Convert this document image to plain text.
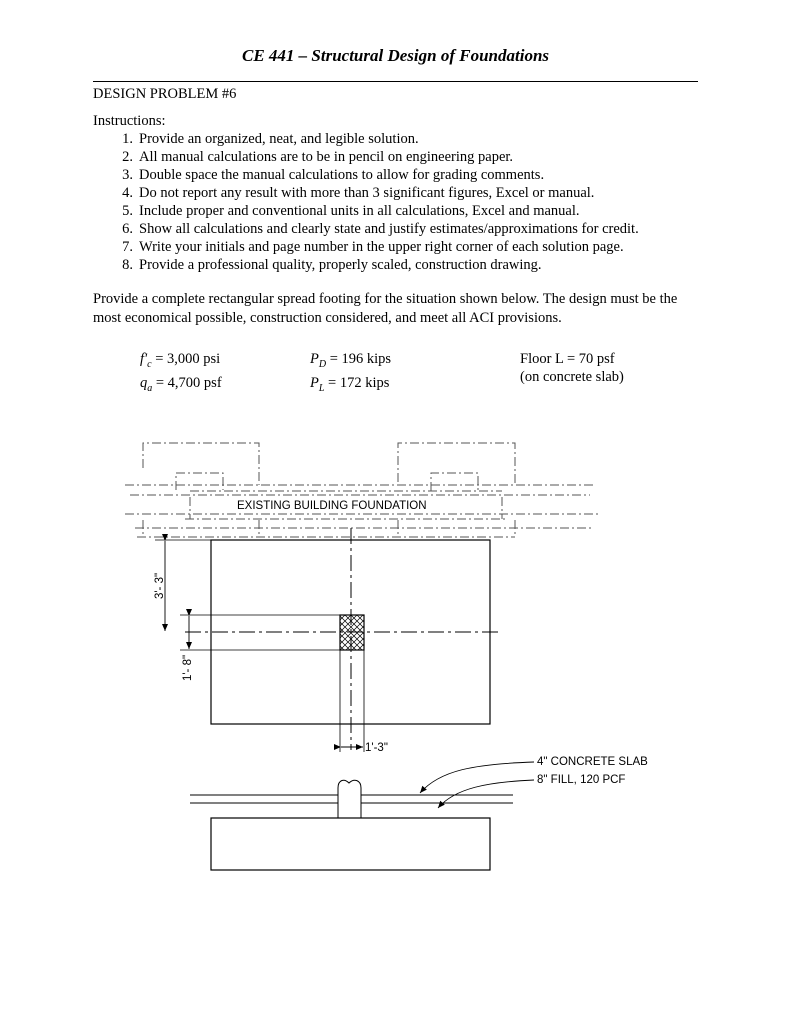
CE 441 – Structural Design of Foundations
DESIGN PROBLEM #6
Instructions:
1. Provide an organized, neat, and legible solution.
2. All manual calculations are to be in pencil on engineering paper.
3. Double space the manual calculations to allow for grading comments.
4. Do not report any result with more than 3 significant figures, Excel or manual.
5. Include proper and conventional units in all calculations, Excel and manual.
6. Show all calculations and clearly state and justify estimates/approximations for credit.
7. Write your initials and page number in the upper right corner of each solution page.
8. Provide a professional quality, properly scaled, construction drawing.
Provide a complete rectangular spread footing for the situation shown below. The design must be the most economical possible, construction considered, and meet all ACI provisions.
$f'_c = 3,000$ psi
$q_a = 4,700$ psf
$P_D = 196$ kips
$P_L = 172$ kips
Floor L = 70 psf
(on concrete slab)
EXISTING BUILDING FOUNDATION
3'- 3"
1'- 8"
1'-3"
4" CONCRETE SLAB
8" FILL, 120 PCF
